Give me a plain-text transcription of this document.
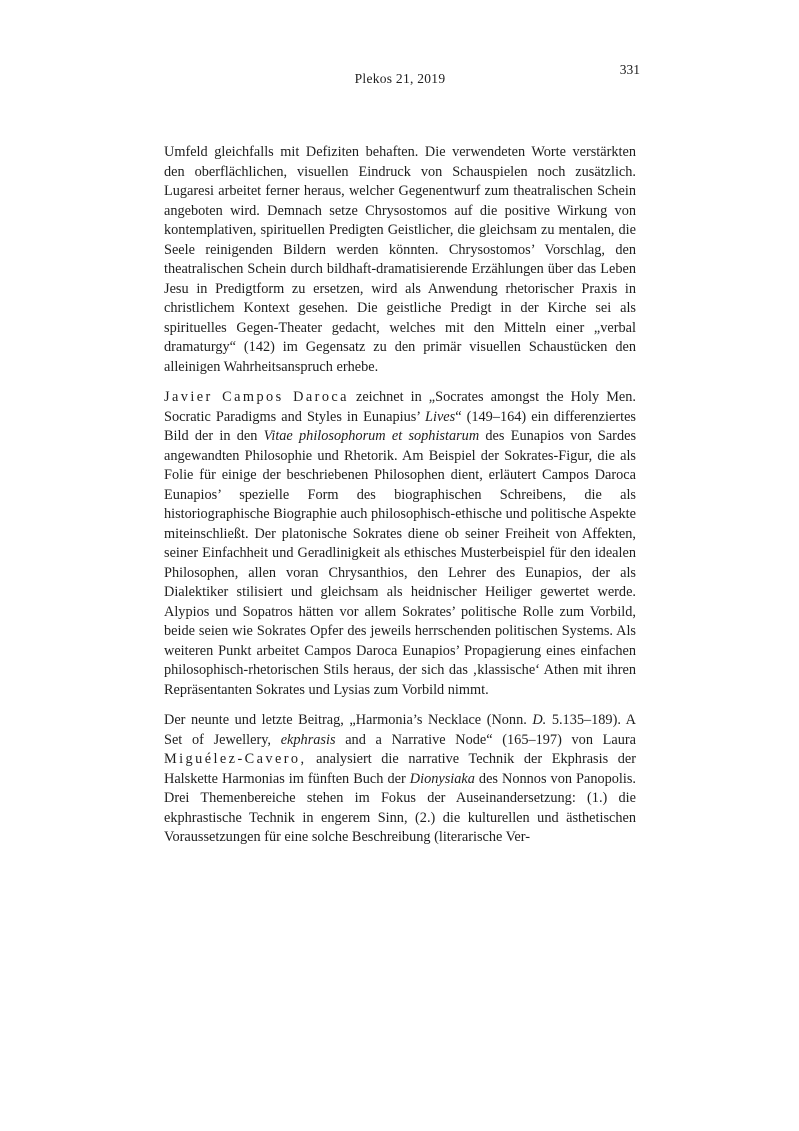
Plekos 21, 2019
331

Umfeld gleichfalls mit Defiziten behaften. Die verwendeten Worte verstärkten den oberflächlichen, visuellen Eindruck von Schauspielen noch zusätzlich. Lugaresi arbeitet ferner heraus, welcher Gegenentwurf zum theatralischen Schein angeboten wird. Demnach setze Chrysostomos auf die positive Wirkung von kontemplativen, spirituellen Predigten Geistlicher, die gleichsam zu mentalen, die Seele reinigenden Bildern werden könnten. Chrysostomos’ Vorschlag, den theatralischen Schein durch bildhaft-dramatisierende Erzählungen über das Leben Jesu in Predigtform zu ersetzen, wird als Anwendung rhetorischer Praxis in christlichem Kontext gesehen. Die geistliche Predigt in der Kirche sei als spirituelles Gegen-Theater gedacht, welches mit den Mitteln einer „verbal dramaturgy“ (142) im Gegensatz zu den primär visuellen Schaustücken den alleinigen Wahrheitsanspruch erhebe.

Javier Campos Daroca zeichnet in „Socrates amongst the Holy Men. Socratic Paradigms and Styles in Eunapius’ Lives“ (149–164) ein differenziertes Bild der in den Vitae philosophorum et sophistarum des Eunapios von Sardes angewandten Philosophie und Rhetorik. Am Beispiel der Sokrates-Figur, die als Folie für einige der beschriebenen Philosophen dient, erläutert Campos Daroca Eunapios’ spezielle Form des biographischen Schreibens, die als historiographische Biographie auch philosophisch-ethische und politische Aspekte miteinschließt. Der platonische Sokrates diene ob seiner Freiheit von Affekten, seiner Einfachheit und Geradlinigkeit als ethisches Musterbeispiel für den idealen Philosophen, allen voran Chrysanthios, den Lehrer des Eunapios, der als Dialektiker stilisiert und gleichsam als heidnischer Heiliger gewertet werde. Alypios und Sopatros hätten vor allem Sokrates’ politische Rolle zum Vorbild, beide seien wie Sokrates Opfer des jeweils herrschenden politischen Systems. Als weiteren Punkt arbeitet Campos Daroca Eunapios’ Propagierung eines einfachen philosophisch-rhetorischen Stils heraus, der sich das ‚klassische‘ Athen mit ihren Repräsentanten Sokrates und Lysias zum Vorbild nimmt.

Der neunte und letzte Beitrag, „Harmonia’s Necklace (Nonn. D. 5.135–189). A Set of Jewellery, ekphrasis and a Narrative Node“ (165–197) von Laura Miguélez-Cavero, analysiert die narrative Technik der Ekphrasis der Halskette Harmonias im fünften Buch der Dionysiaka des Nonnos von Panopolis. Drei Themenbereiche stehen im Fokus der Auseinandersetzung: (1.) die ekphrastische Technik in engerem Sinn, (2.) die kulturellen und ästhetischen Voraussetzungen für eine solche Beschreibung (literarische Ver-
